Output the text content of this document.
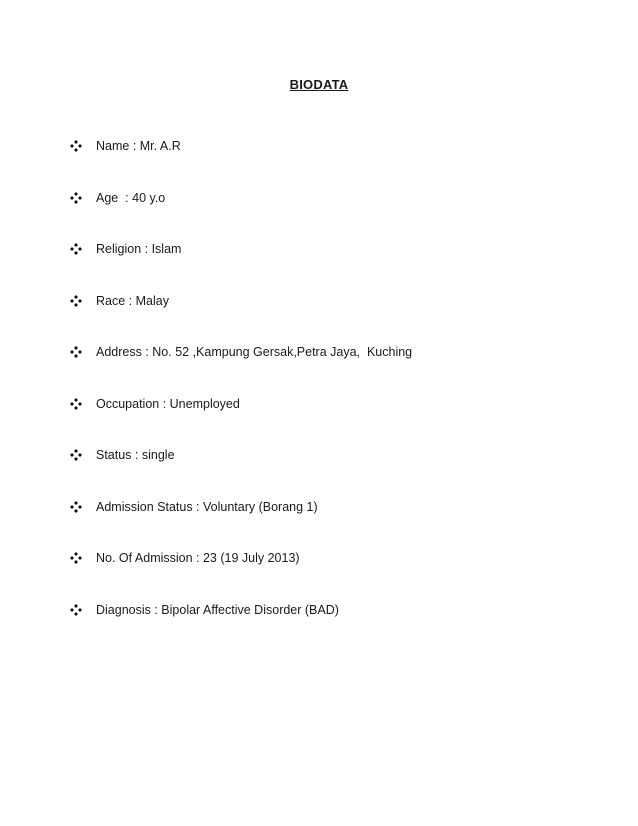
BIODATA
Name : Mr. A.R
Age  : 40 y.o
Religion : Islam
Race : Malay
Address : No. 52 ,Kampung Gersak,Petra Jaya,  Kuching
Occupation : Unemployed
Status : single
Admission Status : Voluntary (Borang 1)
No. Of Admission : 23 (19 July 2013)
Diagnosis : Bipolar Affective Disorder (BAD)
